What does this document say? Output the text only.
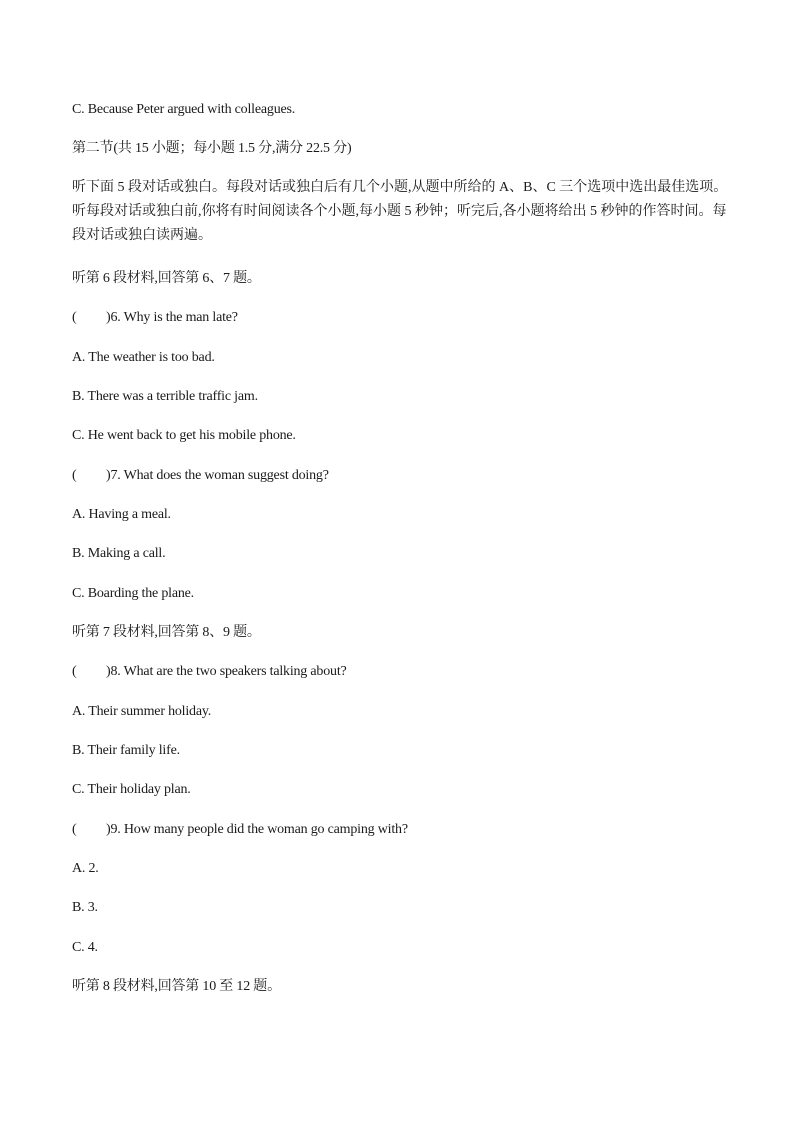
C. Because Peter argued with colleagues.
第二节(共 15 小题；每小题 1.5 分,满分 22.5 分)
听下面 5 段对话或独白。每段对话或独白后有几个小题,从题中所给的 A、B、C 三个选项中选出最佳选项。
听每段对话或独白前,你将有时间阅读各个小题,每小题 5 秒钟；听完后,各小题将给出 5 秒钟的作答时间。每
段对话或独白读两遍。
听第 6 段材料,回答第 6、7 题。
( )6. Why is the man late?
A. The weather is too bad.
B. There was a terrible traffic jam.
C. He went back to get his mobile phone.
( )7. What does the woman suggest doing?
A. Having a meal.
B. Making a call.
C. Boarding the plane.
听第 7 段材料,回答第 8、9 题。
( )8. What are the two speakers talking about?
A. Their summer holiday.
B. Their family life.
C. Their holiday plan.
( )9. How many people did the woman go camping with?
A. 2.
B. 3.
C. 4.
听第 8 段材料,回答第 10 至 12 题。
